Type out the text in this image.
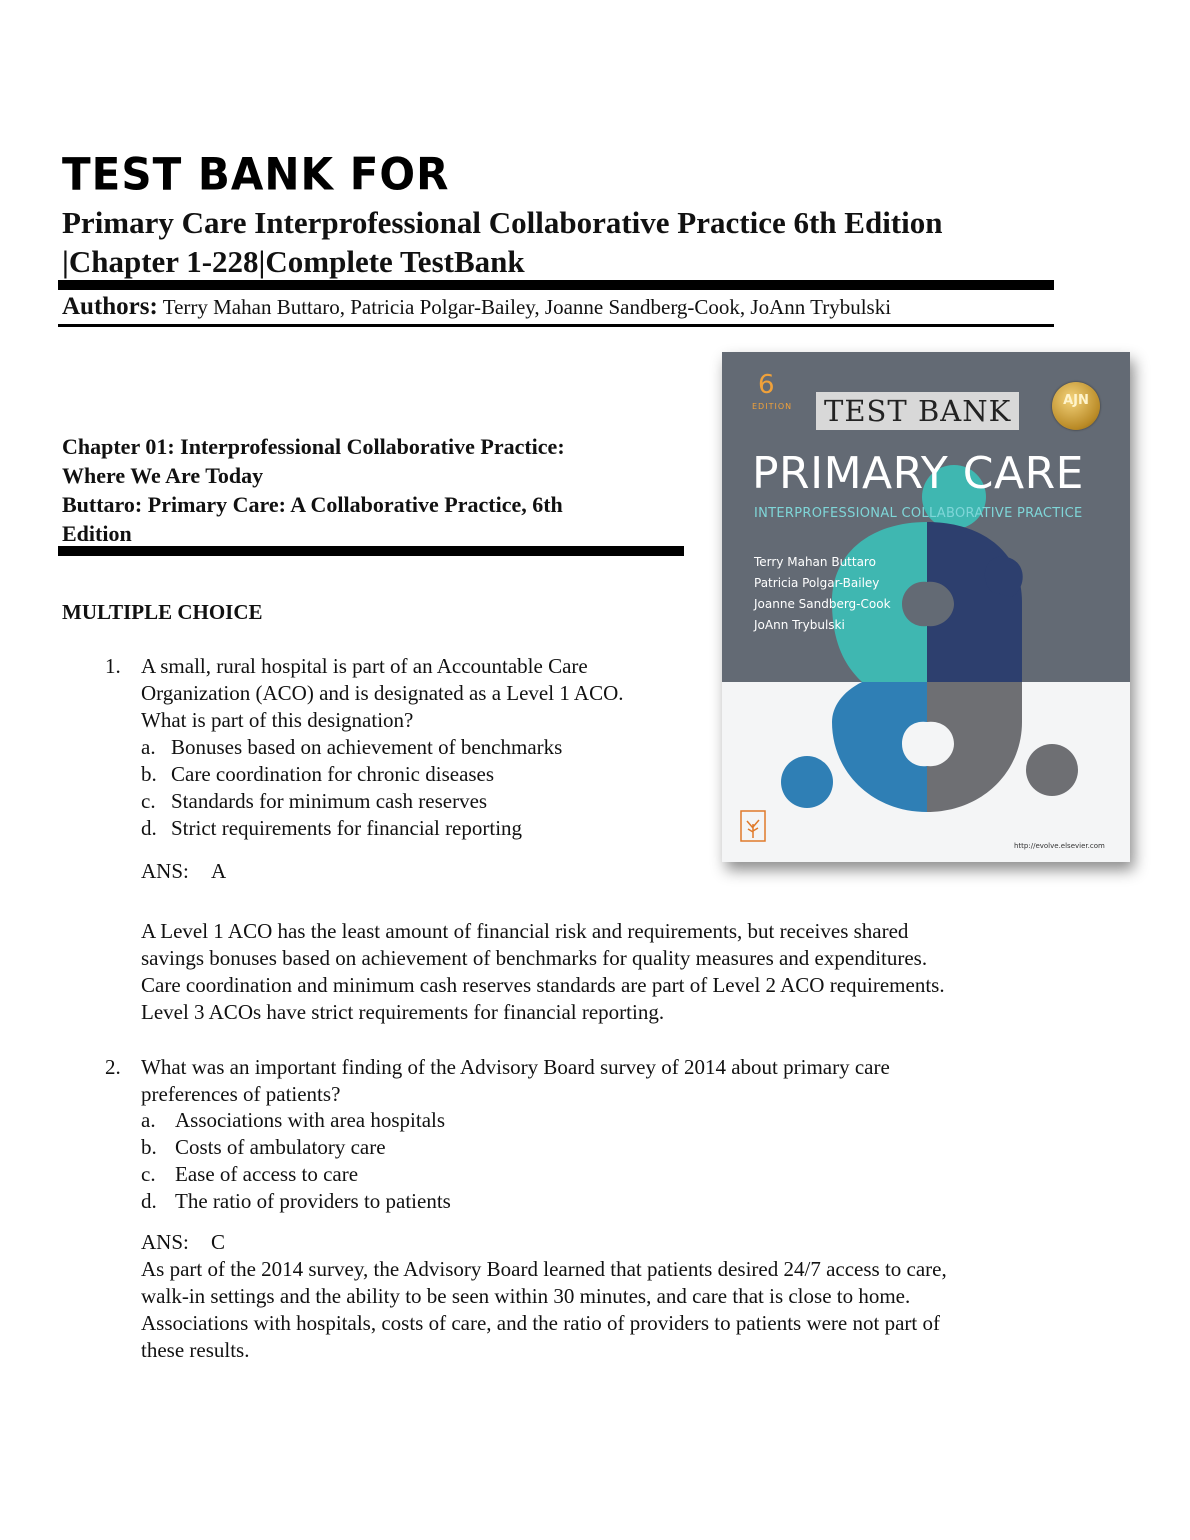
TEST BANK FOR
Primary Care Interprofessional Collaborative Practice 6th Edition
|Chapter 1-228|Complete TestBank
Authors: Terry Mahan Buttaro, Patricia Polgar-Bailey, Joanne Sandberg-Cook, JoAnn Trybulski
Chapter 01: Interprofessional Collaborative Practice:
Where We Are Today
Buttaro: Primary Care: A Collaborative Practice, 6th
Edition
MULTIPLE CHOICE
1. A small, rural hospital is part of an Accountable Care
Organization (ACO) and is designated as a Level 1 ACO.
What is part of this designation?
a. Bonuses based on achievement of benchmarks
b. Care coordination for chronic diseases
c. Standards for minimum cash reserves
d. Strict requirements for financial reporting
ANS: A
A Level 1 ACO has the least amount of financial risk and requirements, but receives shared
savings bonuses based on achievement of benchmarks for quality measures and expenditures.
Care coordination and minimum cash reserves standards are part of Level 2 ACO requirements.
Level 3 ACOs have strict requirements for financial reporting.
2. What was an important finding of the Advisory Board survey of 2014 about primary care
preferences of patients?
a. Associations with area hospitals
b. Costs of ambulatory care
c. Ease of access to care
d. The ratio of providers to patients
ANS: C
As part of the 2014 survey, the Advisory Board learned that patients desired 24/7 access to care,
walk-in settings and the ability to be seen within 30 minutes, and care that is close to home.
Associations with hospitals, costs of care, and the ratio of providers to patients were not part of
these results.
6
EDITION TEST BANK	AJN
PRIMARY CARE
INTERPROFESSIONAL COLLABORATIVE PRACTICE
Terry Mahan Buttaro
Patricia Polgar-Bailey
Joanne Sandberg-Cook
JoAnn Trybulski
http://evolve.elsevier.com
